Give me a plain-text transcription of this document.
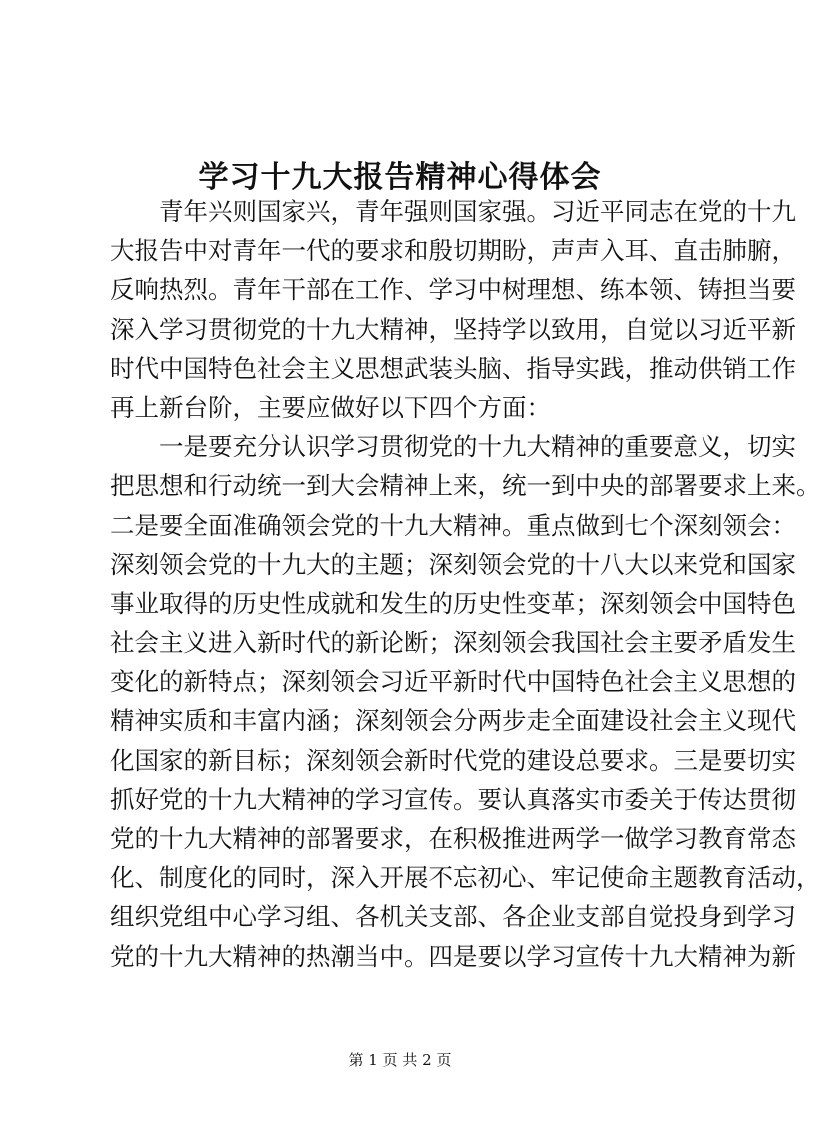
学习十九大报告精神心得体会
青年兴则国家兴，青年强则国家强。习近平同志在党的十九
大报告中对青年一代的要求和殷切期盼，声声入耳、直击肺腑，
反响热烈。青年干部在工作、学习中树理想、练本领、铸担当要
深入学习贯彻党的十九大精神，坚持学以致用，自觉以习近平新
时代中国特色社会主义思想武装头脑、指导实践，推动供销工作
再上新台阶，主要应做好以下四个方面：
一是要充分认识学习贯彻党的十九大精神的重要意义，切实
把思想和行动统一到大会精神上来，统一到中央的部署要求上来。
二是要全面准确领会党的十九大精神。重点做到七个深刻领会：
深刻领会党的十九大的主题；深刻领会党的十八大以来党和国家
事业取得的历史性成就和发生的历史性变革；深刻领会中国特色
社会主义进入新时代的新论断；深刻领会我国社会主要矛盾发生
变化的新特点；深刻领会习近平新时代中国特色社会主义思想的
精神实质和丰富内涵；深刻领会分两步走全面建设社会主义现代
化国家的新目标；深刻领会新时代党的建设总要求。三是要切实
抓好党的十九大精神的学习宣传。要认真落实市委关于传达贯彻
党的十九大精神的部署要求，在积极推进两学一做学习教育常态
化、制度化的同时，深入开展不忘初心、牢记使命主题教育活动，
组织党组中心学习组、各机关支部、各企业支部自觉投身到学习
党的十九大精神的热潮当中。四是要以学习宣传十九大精神为新
第 1 页 共 2 页
